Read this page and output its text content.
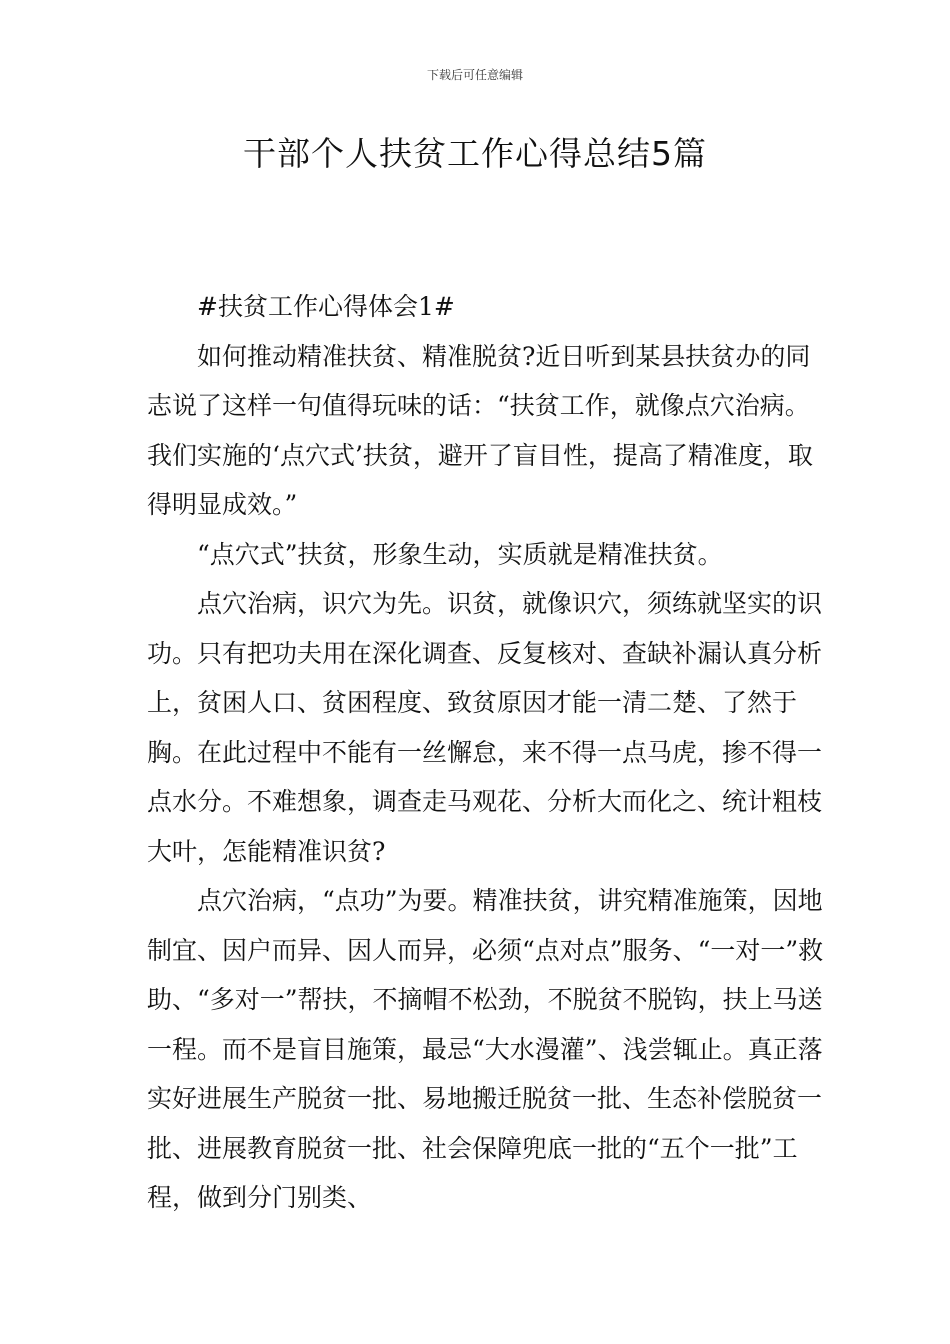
下载后可任意编辑
干部个人扶贫工作心得总结5篇

#扶贫工作心得体会1#

如何推动精准扶贫、精准脱贫?近日听到某县扶贫办的同志说了这样一句值得玩味的话：“扶贫工作，就像点穴治病。我们实施的‘点穴式’扶贫，避开了盲目性，提高了精准度，取得明显成效。”

“点穴式”扶贫，形象生动，实质就是精准扶贫。

点穴治病，识穴为先。识贫，就像识穴，须练就坚实的识功。只有把功夫用在深化调查、反复核对、查缺补漏认真分析上，贫困人口、贫困程度、致贫原因才能一清二楚、了然于胸。在此过程中不能有一丝懈怠，来不得一点马虎，掺不得一点水分。不难想象，调查走马观花、分析大而化之、统计粗枝大叶，怎能精准识贫?

点穴治病，“点功”为要。精准扶贫，讲究精准施策，因地制宜、因户而异、因人而异，必须“点对点”服务、“一对一”救助、“多对一”帮扶，不摘帽不松劲，不脱贫不脱钩，扶上马送一程。而不是盲目施策，最忌“大水漫灌”、浅尝辄止。真正落实好进展生产脱贫一批、易地搬迁脱贫一批、生态补偿脱贫一批、进展教育脱贫一批、社会保障兜底一批的“五个一批”工程，做到分门别类、
